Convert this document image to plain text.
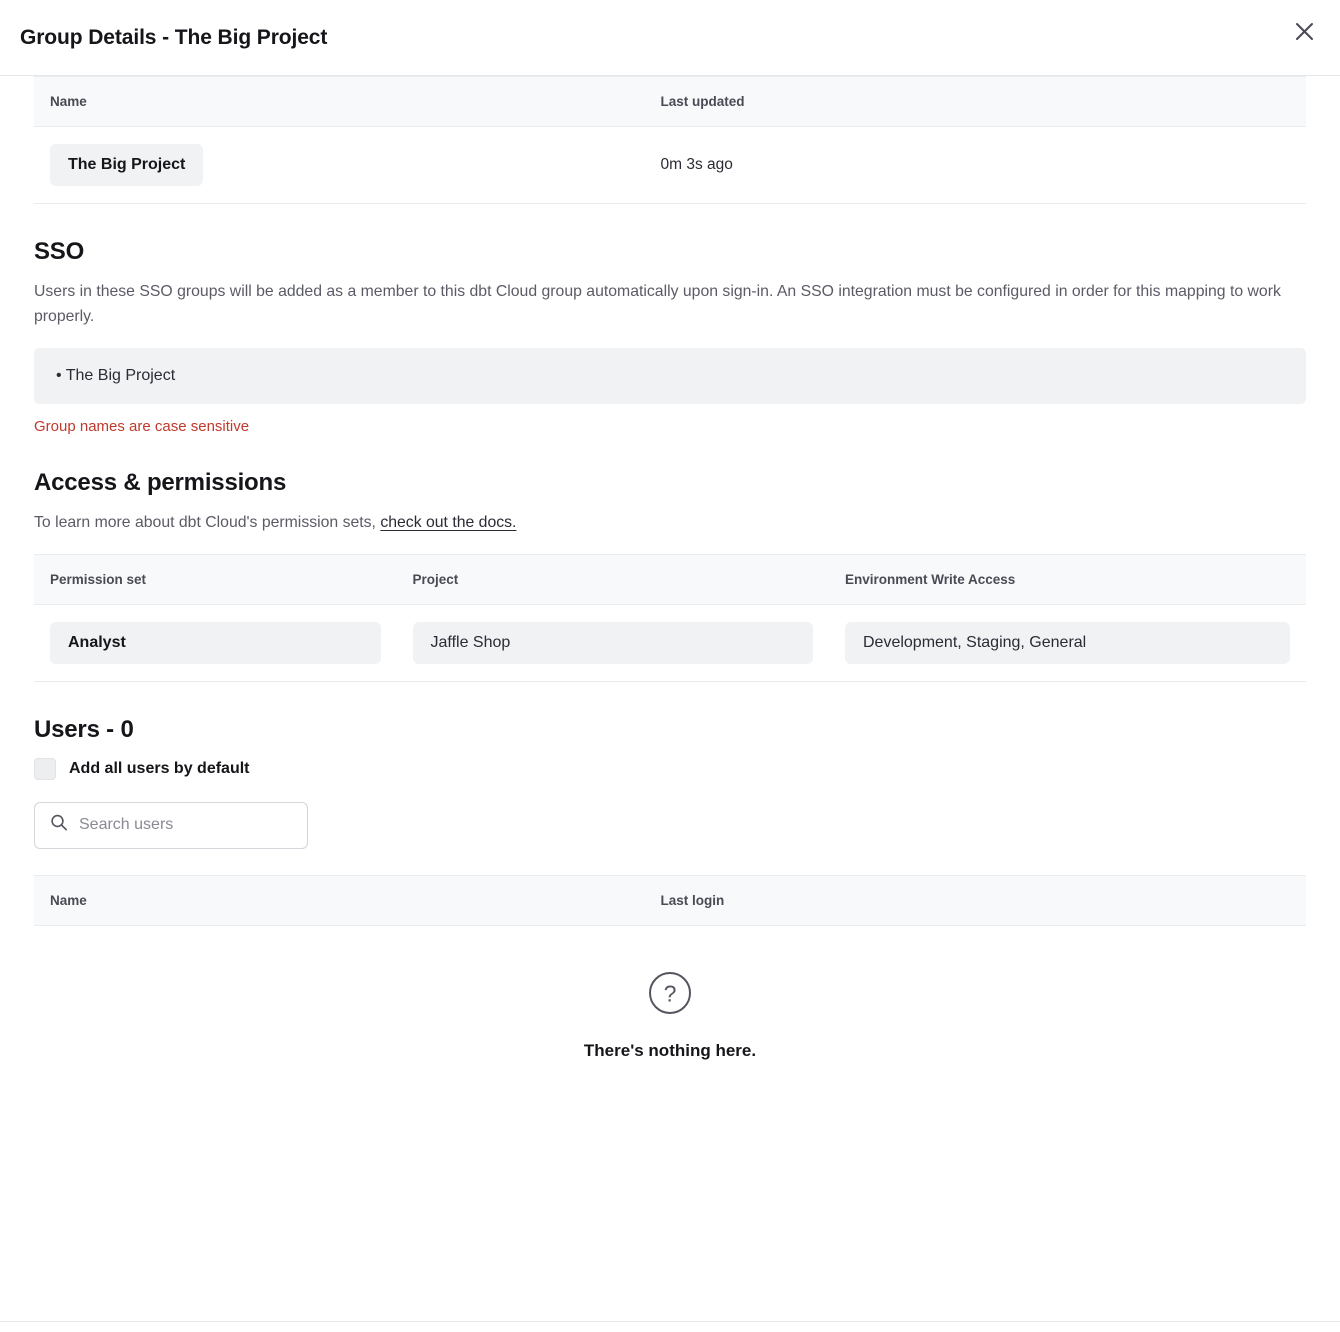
Group Details - The Big Project
Name	Last updated
The Big Project	0m 3s ago
SSO

Users in these SSO groups will be added as a member to this dbt Cloud group automatically upon sign-in. An SSO integration must be configured in order for this mapping to work properly.

• The Big Project

Group names are case sensitive

Access & permissions

To learn more about dbt Cloud's permission sets, check out the docs.

Permission set	Project	Environment Write Access

Analyst	Jaffle Shop	Development, Staging, General
Users - 0
Add all users by default
Search users
Name	Last login
?
There's nothing here.
